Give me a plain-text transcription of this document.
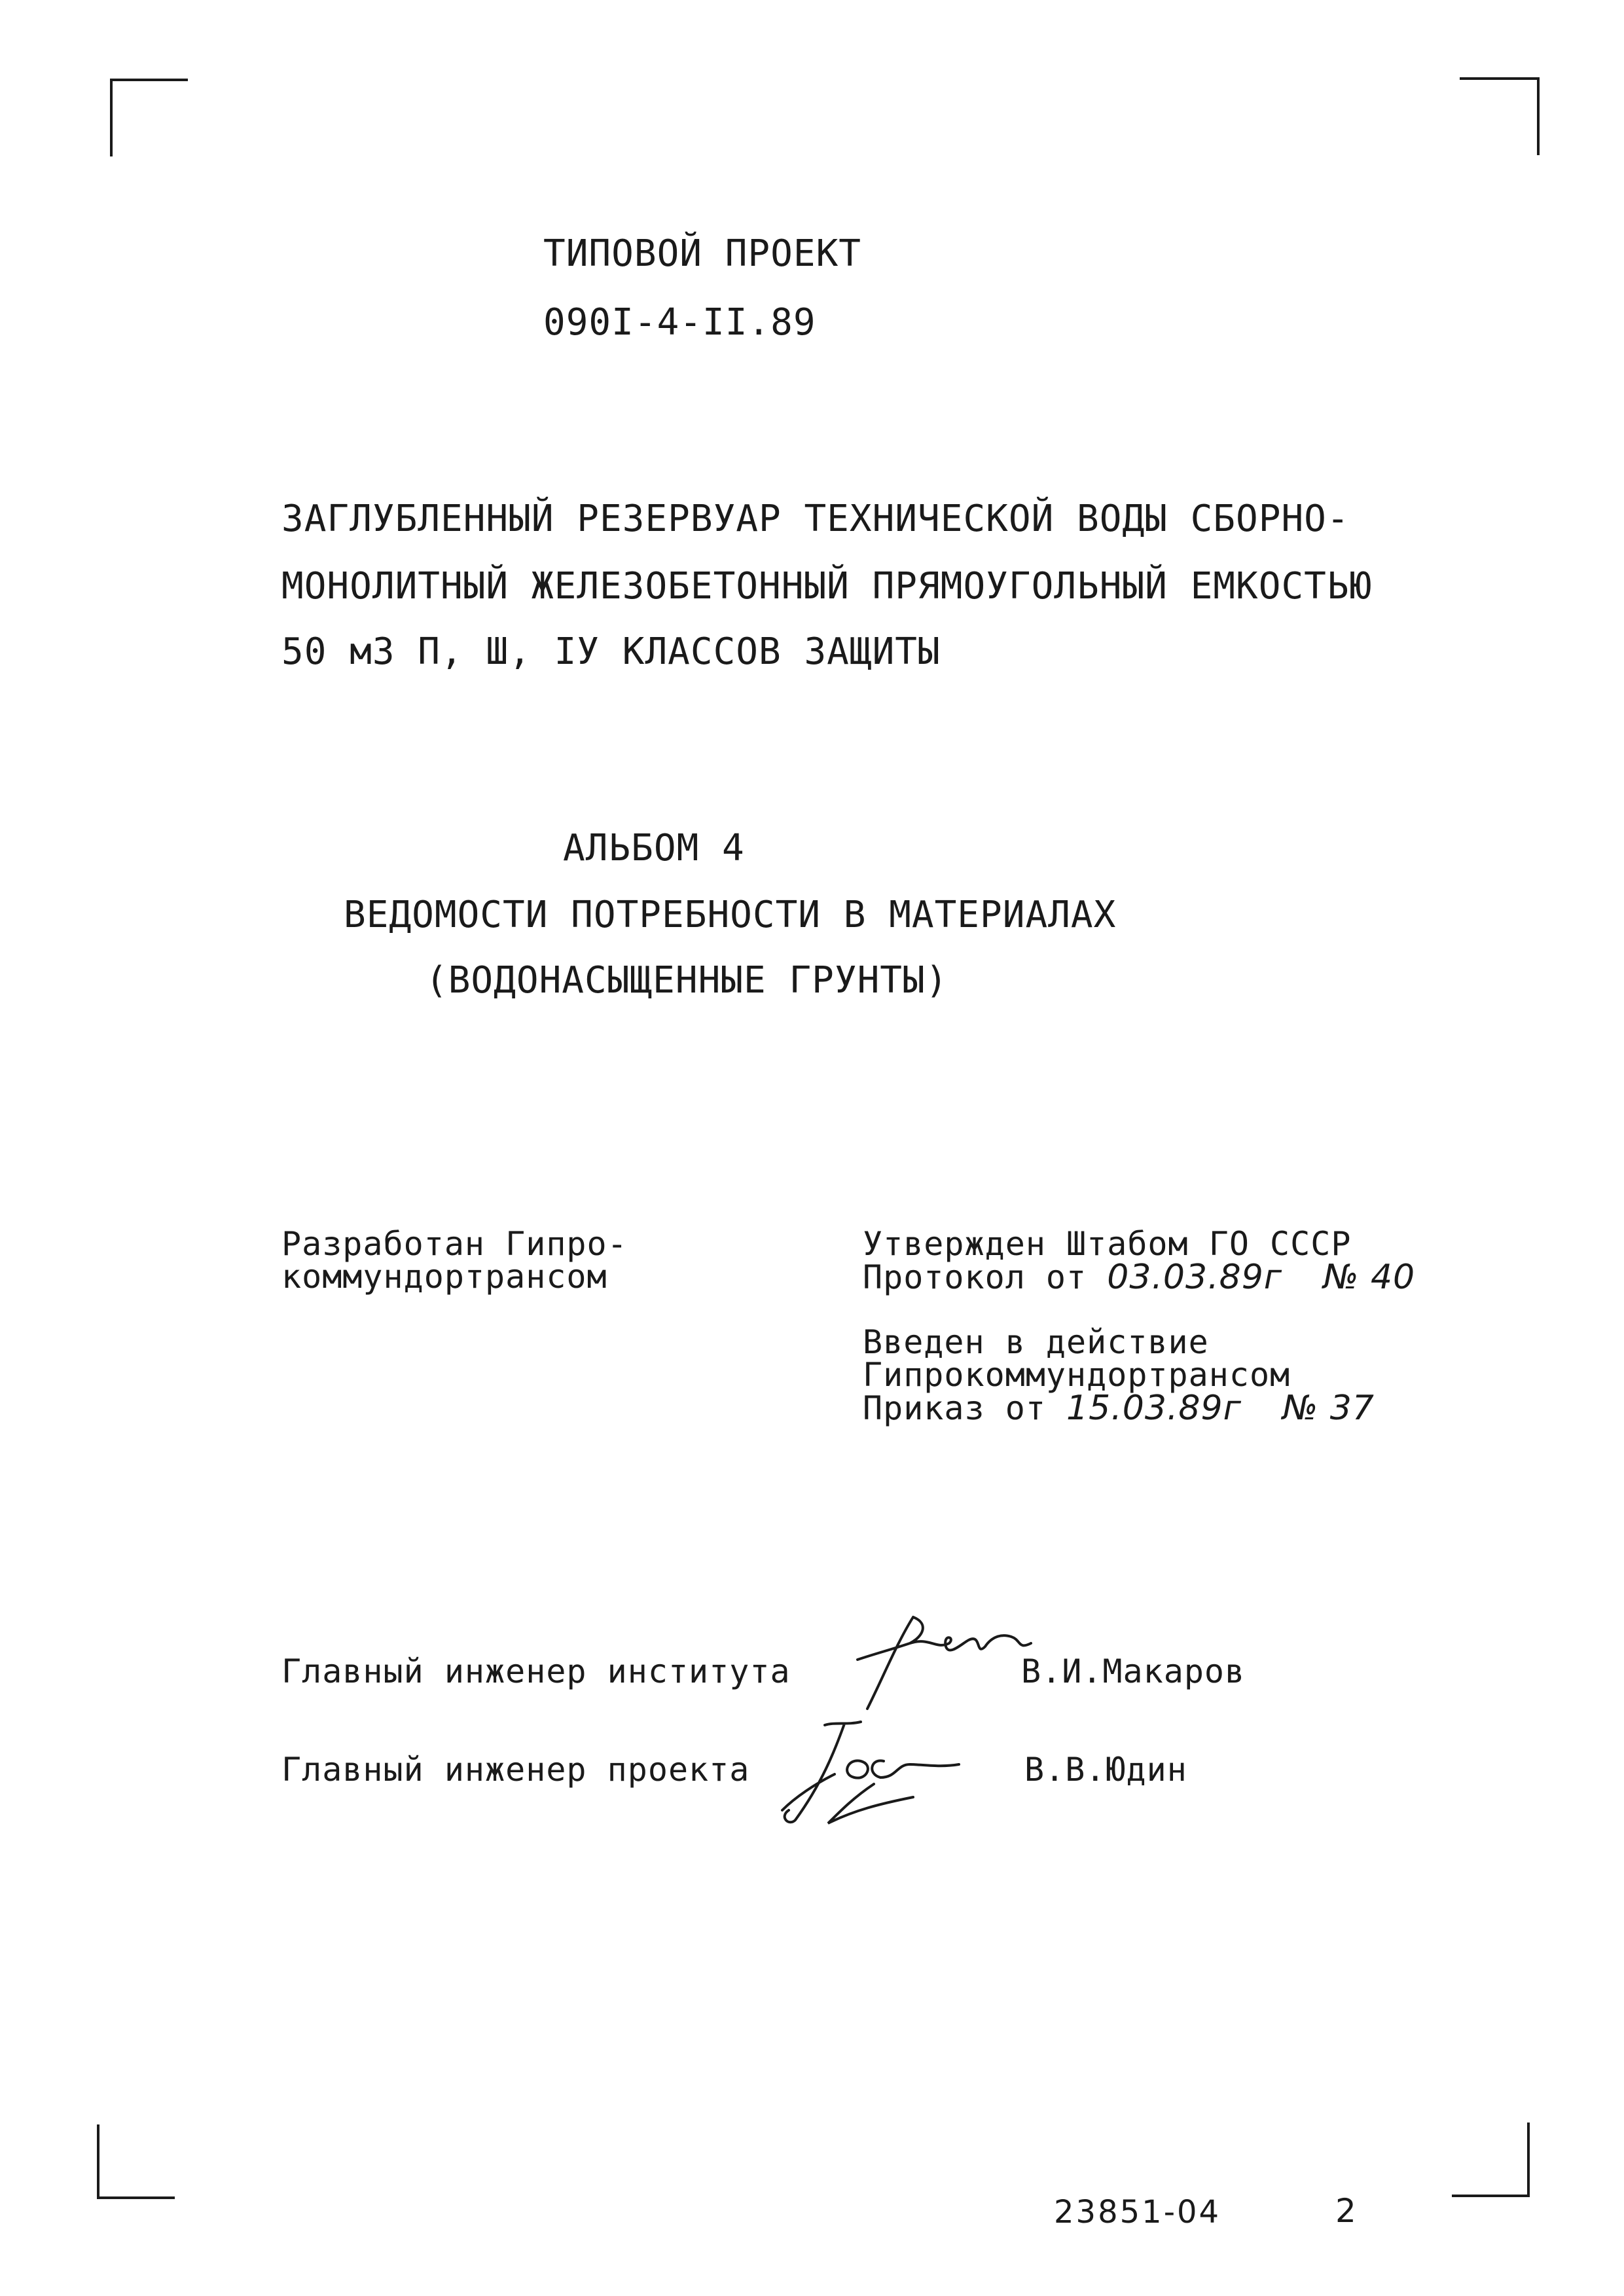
ТИПОВОЙ ПРОЕКТ
090I-4-II.89
ЗАГЛУБЛЕННЫЙ РЕЗЕРВУАР ТЕХНИЧЕСКОЙ ВОДЫ СБОРНО-
МОНОЛИТНЫЙ ЖЕЛЕЗОБЕТОННЫЙ ПРЯМОУГОЛЬНЫЙ ЕМКОСТЬЮ
50 м3 П, Ш, IУ КЛАССОВ ЗАЩИТЫ
АЛЬБОМ 4
ВЕДОМОСТИ ПОТРЕБНОСТИ В МАТЕРИАЛАХ
(ВОДОНАСЫЩЕННЫЕ ГРУНТЫ)
Разработан Гипро-
коммундортрансом
Утвержден Штабом ГО СССР
Протокол от 03.03.89г № 40
Введен в действие
Гипрокоммундортрансом
Приказ от 15.03.89г № 37
Главный инженер института	В.И.Макаров
Главный инженер проекта	В.В.Юдин
23851-04	2
